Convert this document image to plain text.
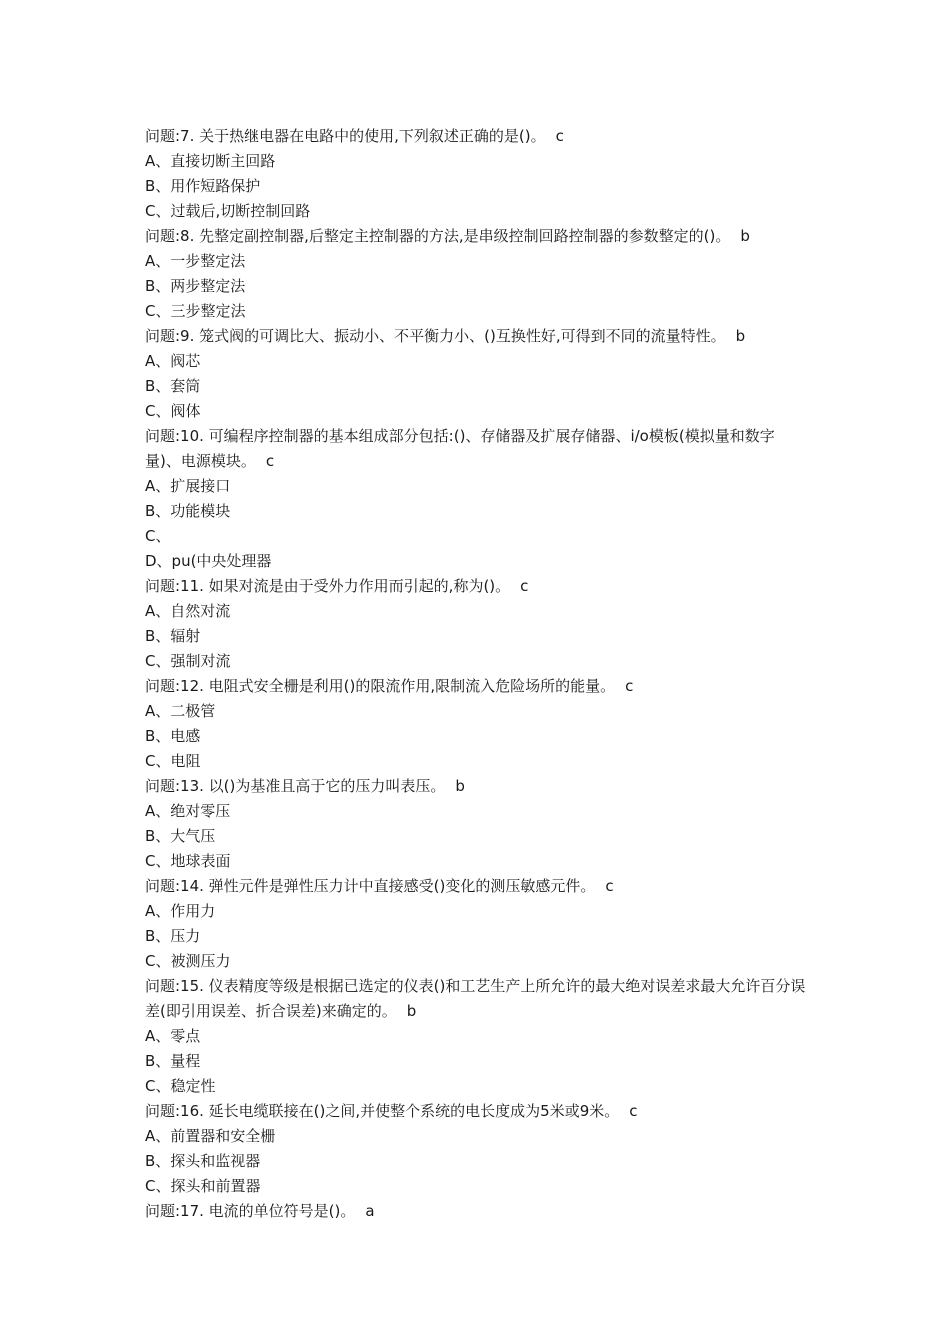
问题:7. 关于热继电器在电路中的使用,下列叙述正确的是()。 c

A、直接切断主回路

B、用作短路保护

C、过载后,切断控制回路

问题:8. 先整定副控制器,后整定主控制器的方法,是串级控制回路控制器的参数整定的()。 b

A、一步整定法

B、两步整定法

C、三步整定法

问题:9. 笼式阀的可调比大、振动小、不平衡力小、()互换性好,可得到不同的流量特性。 b

A、阀芯

B、套筒

C、阀体

问题:10. 可编程序控制器的基本组成部分包括:()、存储器及扩展存储器、i/o模板(模拟量和数字量)、电源模块。 c

A、扩展接口

B、功能模块

C、

D、pu(中央处理器

问题:11. 如果对流是由于受外力作用而引起的,称为()。 c

A、自然对流

B、辐射

C、强制对流

问题:12. 电阻式安全栅是利用()的限流作用,限制流入危险场所的能量。 c

A、二极管

B、电感

C、电阻

问题:13. 以()为基准且高于它的压力叫表压。 b

A、绝对零压

B、大气压

C、地球表面

问题:14. 弹性元件是弹性压力计中直接感受()变化的测压敏感元件。 c

A、作用力

B、压力

C、被测压力

问题:15. 仪表精度等级是根据已选定的仪表()和工艺生产上所允许的最大绝对误差求最大允许百分误差(即引用误差、折合误差)来确定的。 b

A、零点

B、量程

C、稳定性

问题:16. 延长电缆联接在()之间,并使整个系统的电长度成为5米或9米。 c

A、前置器和安全栅

B、探头和监视器

C、探头和前置器

问题:17. 电流的单位符号是()。 a
